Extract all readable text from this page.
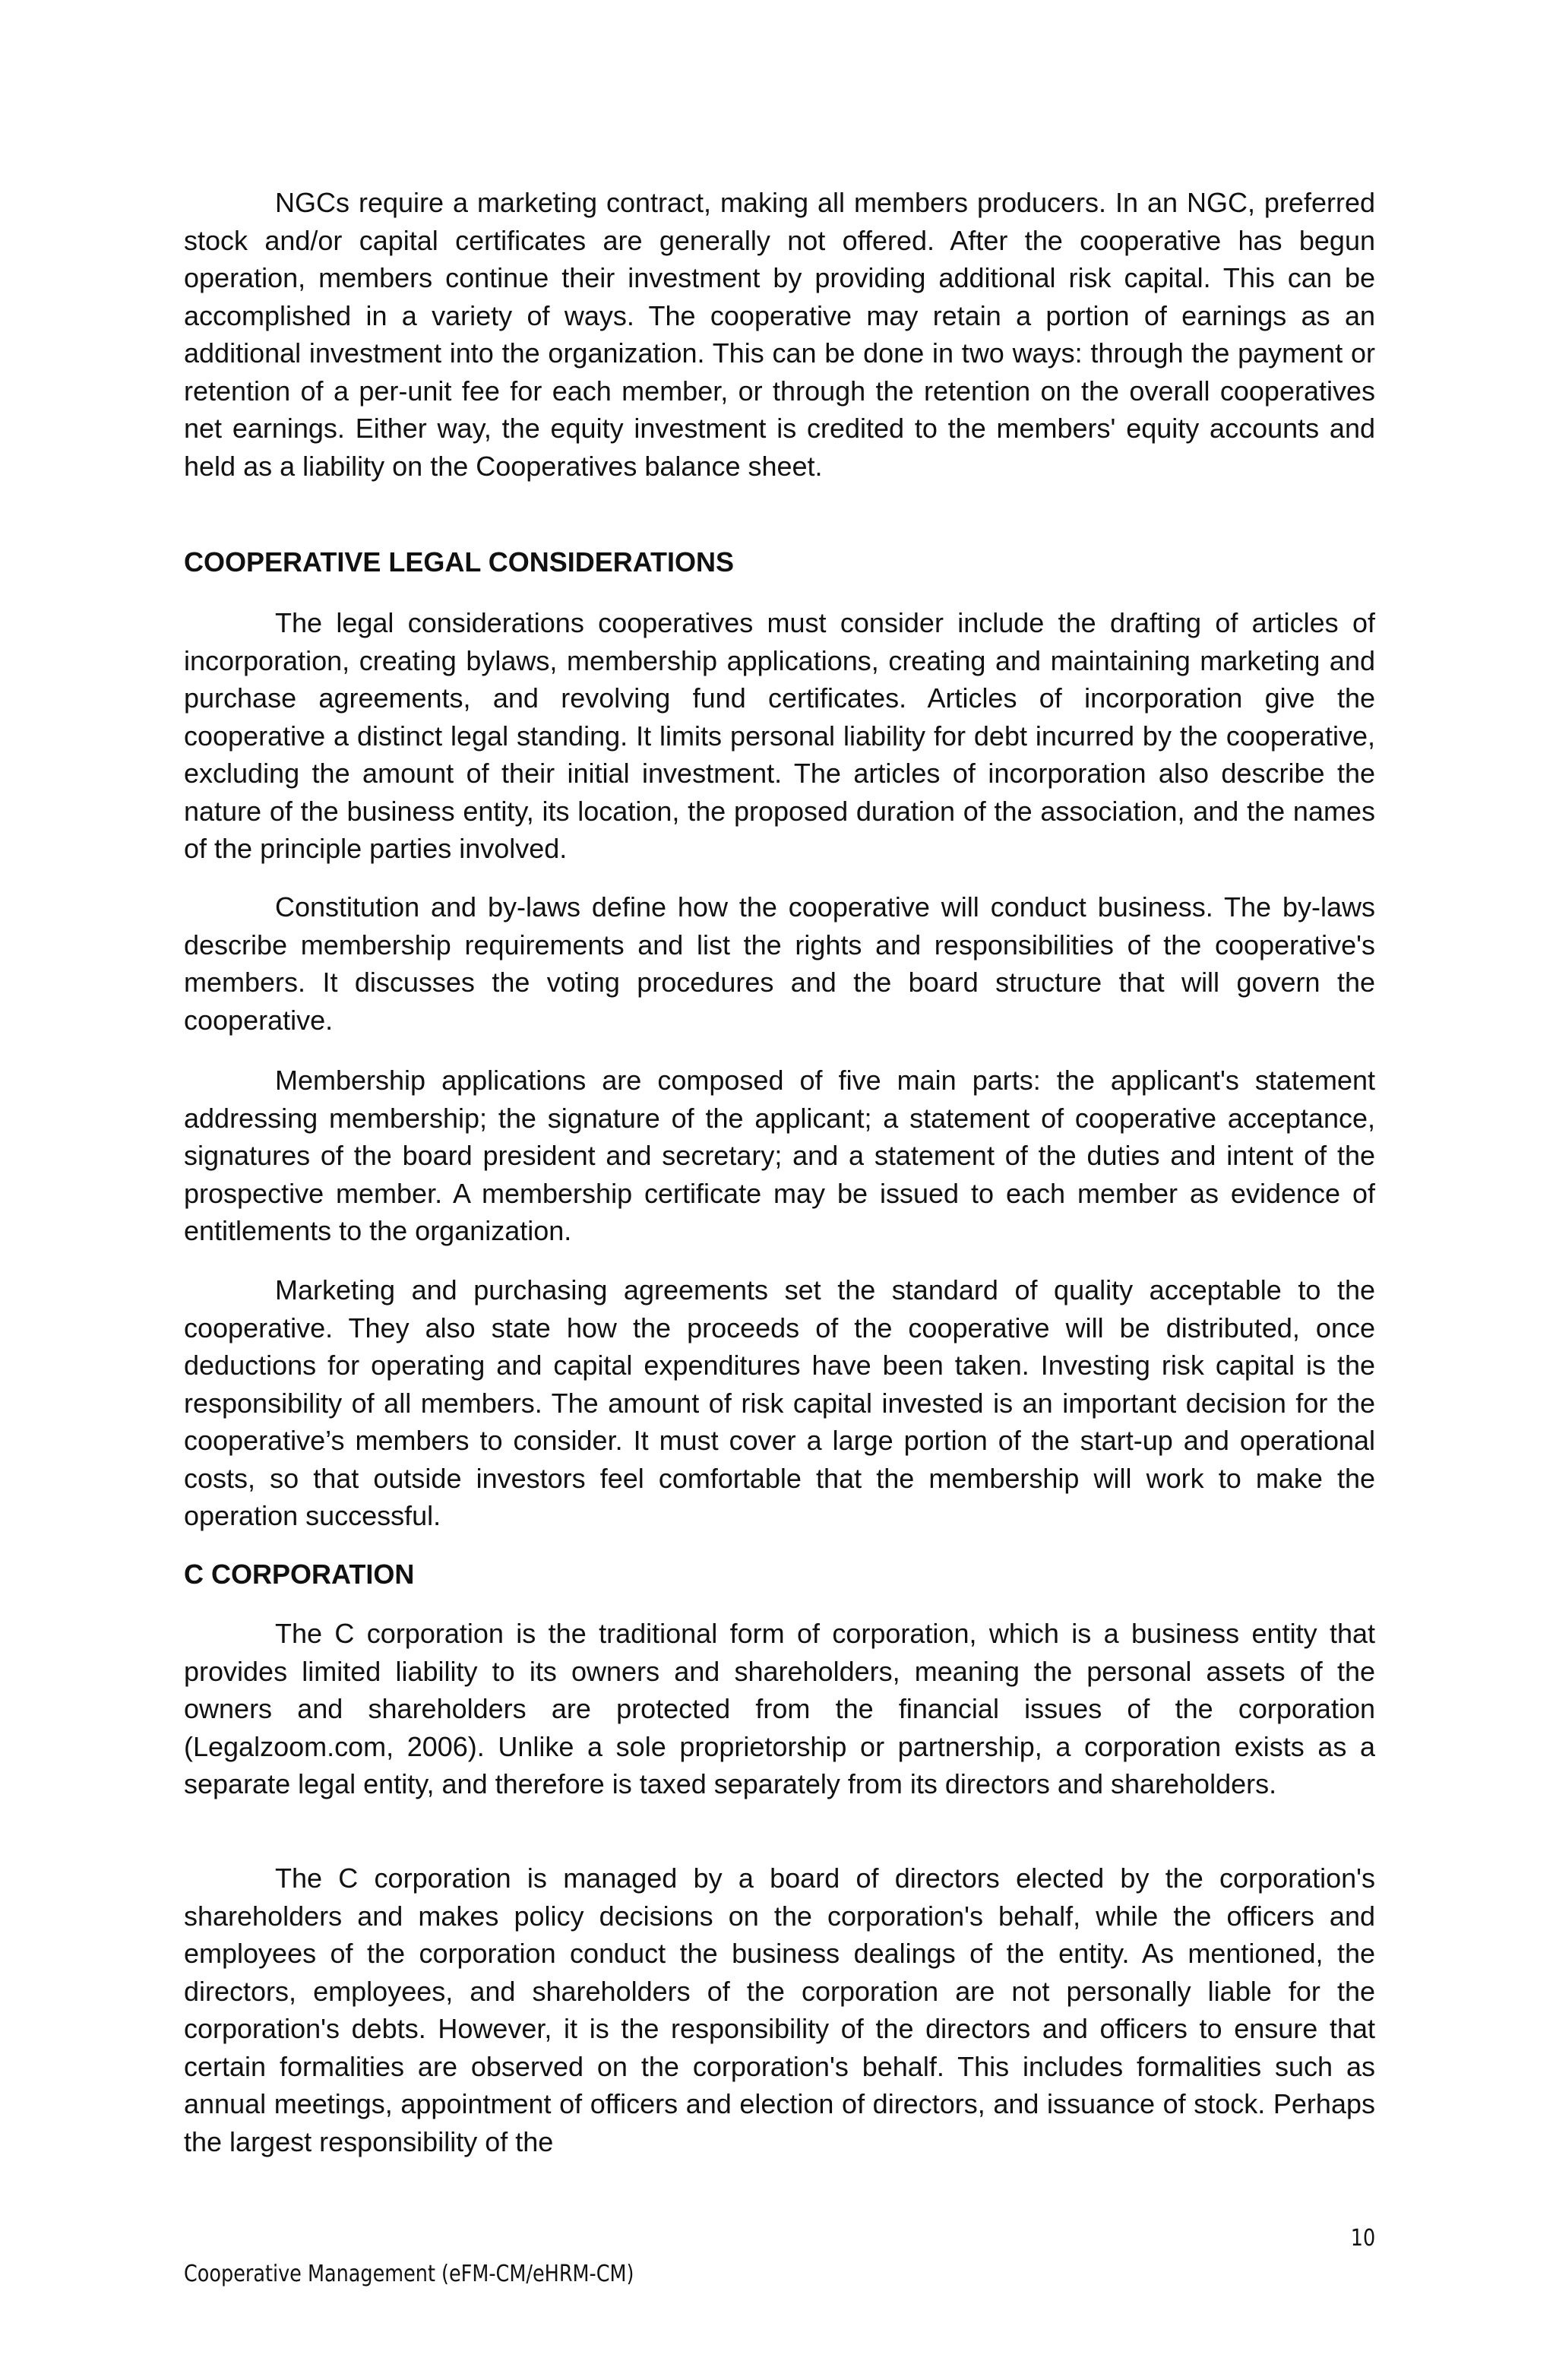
NGCs require a marketing contract, making all members producers. In an NGC, preferred stock and/or capital certificates are generally not offered. After the cooperative has begun operation, members continue their investment by providing additional risk capital. This can be accomplished in a variety of ways. The cooperative may retain a portion of earnings as an additional investment into the organization. This can be done in two ways: through the payment or retention of a per-unit fee for each member, or through the retention on the overall cooperatives net earnings. Either way, the equity investment is credited to the members' equity accounts and held as a liability on the Cooperatives balance sheet.

COOPERATIVE LEGAL CONSIDERATIONS

The legal considerations cooperatives must consider include the drafting of articles of incorporation, creating bylaws, membership applications, creating and maintaining marketing and purchase agreements, and revolving fund certificates. Articles of incorporation give the cooperative a distinct legal standing. It limits personal liability for debt incurred by the cooperative, excluding the amount of their initial investment. The articles of incorporation also describe the nature of the business entity, its location, the proposed duration of the association, and the names of the principle parties involved.

Constitution and by-laws define how the cooperative will conduct business. The by-laws describe membership requirements and list the rights and responsibilities of the cooperative's members. It discusses the voting procedures and the board structure that will govern the cooperative.

Membership applications are composed of five main parts: the applicant's statement addressing membership; the signature of the applicant; a statement of cooperative acceptance, signatures of the board president and secretary; and a statement of the duties and intent of the prospective member. A membership certificate may be issued to each member as evidence of entitlements to the organization.

Marketing and purchasing agreements set the standard of quality acceptable to the cooperative. They also state how the proceeds of the cooperative will be distributed, once deductions for operating and capital expenditures have been taken. Investing risk capital is the responsibility of all members. The amount of risk capital invested is an important decision for the cooperative’s members to consider. It must cover a large portion of the start-up and operational costs, so that outside investors feel comfortable that the membership will work to make the operation successful.

C CORPORATION

The C corporation is the traditional form of corporation, which is a business entity that provides limited liability to its owners and shareholders, meaning the personal assets of the owners and shareholders are protected from the financial issues of the corporation (Legalzoom.com, 2006). Unlike a sole proprietorship or partnership, a corporation exists as a separate legal entity, and therefore is taxed separately from its directors and shareholders.

The C corporation is managed by a board of directors elected by the corporation's shareholders and makes policy decisions on the corporation's behalf, while the officers and employees of the corporation conduct the business dealings of the entity. As mentioned, the directors, employees, and shareholders of the corporation are not personally liable for the corporation's debts. However, it is the responsibility of the directors and officers to ensure that certain formalities are observed on the corporation's behalf. This includes formalities such as annual meetings, appointment of officers and election of directors, and issuance of stock. Perhaps the largest responsibility of the

10
Cooperative Management (eFM-CM/eHRM-CM)
